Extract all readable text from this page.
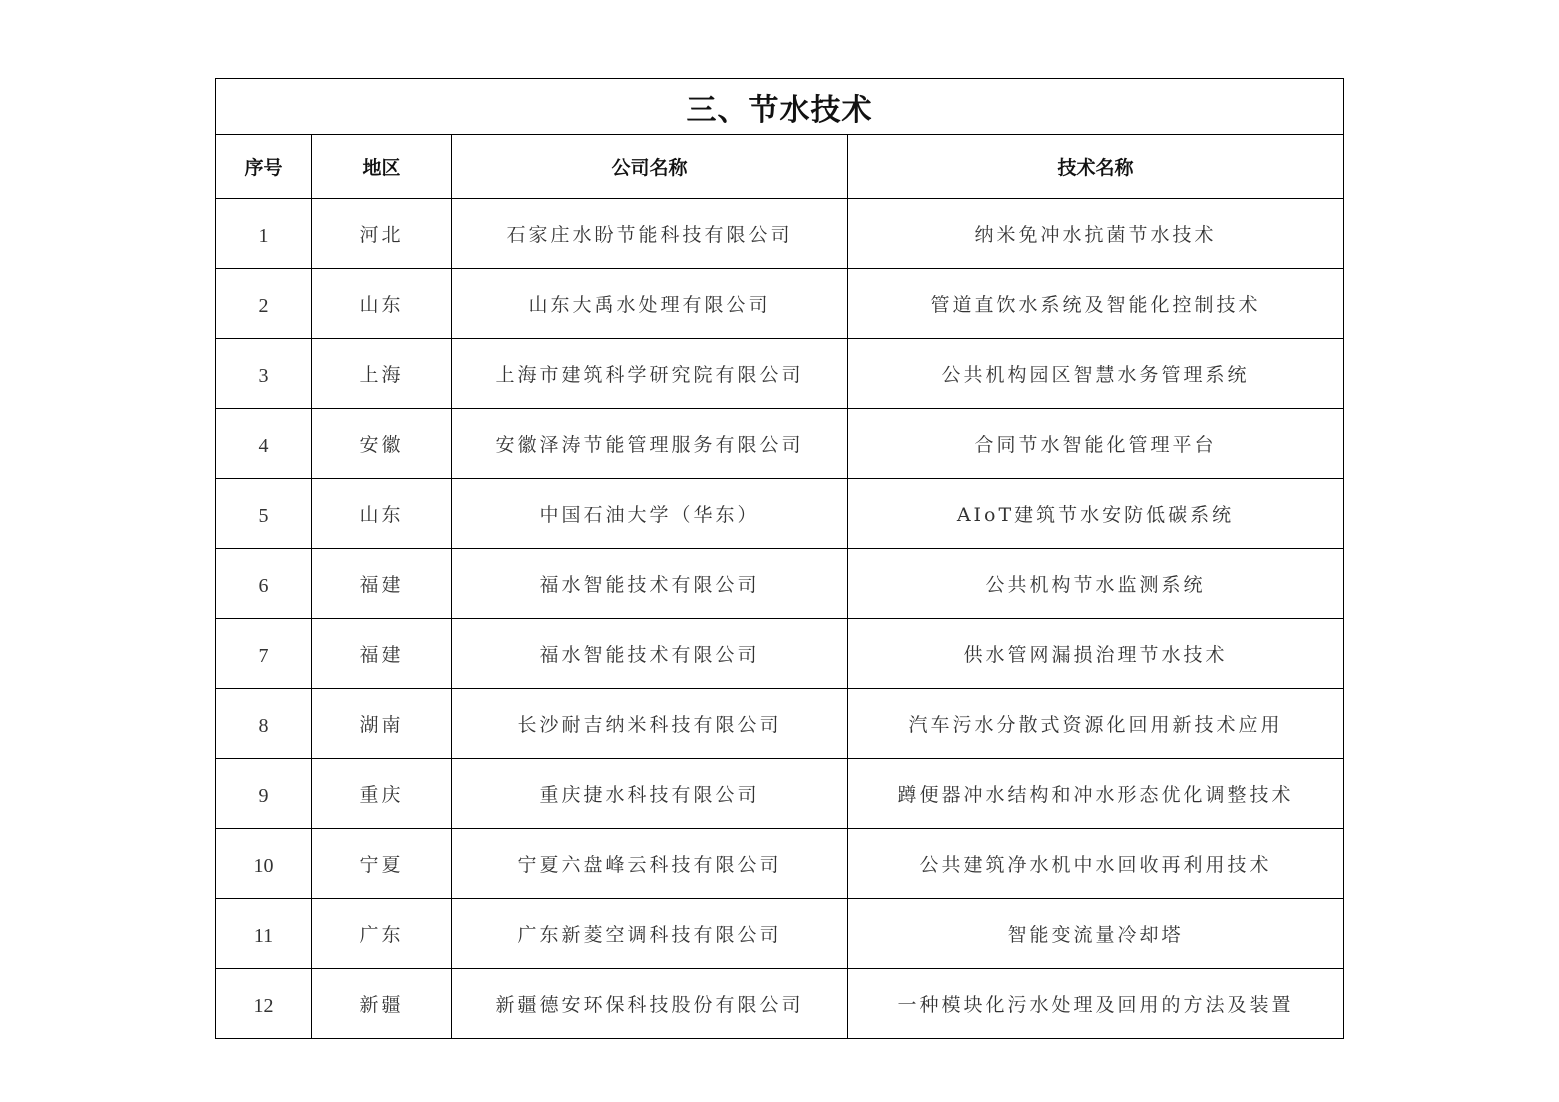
三、节水技术			
序号	地区	公司名称	技术名称
1	河北	石家庄水盼节能科技有限公司	纳米免冲水抗菌节水技术
2	山东	山东大禹水处理有限公司	管道直饮水系统及智能化控制技术
3	上海	上海市建筑科学研究院有限公司	公共机构园区智慧水务管理系统
4	安徽	安徽泽涛节能管理服务有限公司	合同节水智能化管理平台
5	山东	中国石油大学（华东）	AIoT建筑节水安防低碳系统
6	福建	福水智能技术有限公司	公共机构节水监测系统
7	福建	福水智能技术有限公司	供水管网漏损治理节水技术
8	湖南	长沙耐吉纳米科技有限公司	汽车污水分散式资源化回用新技术应用
9	重庆	重庆捷水科技有限公司	蹲便器冲水结构和冲水形态优化调整技术
10	宁夏	宁夏六盘峰云科技有限公司	公共建筑净水机中水回收再利用技术
11	广东	广东新菱空调科技有限公司	智能变流量冷却塔
12	新疆	新疆德安环保科技股份有限公司	一种模块化污水处理及回用的方法及装置
